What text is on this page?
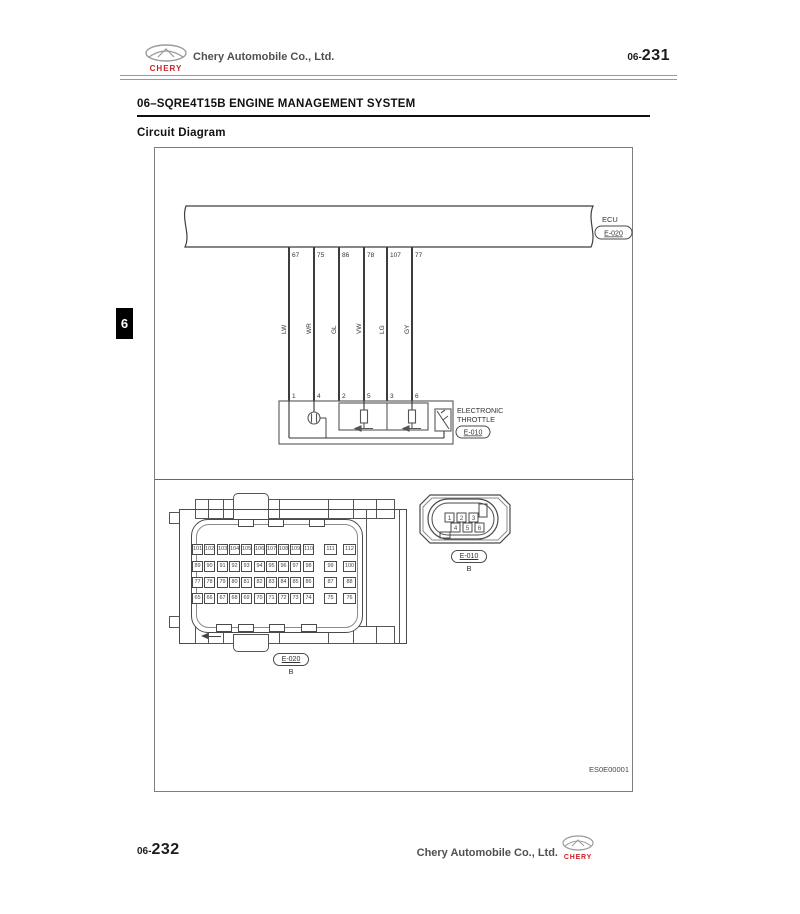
CHERY
Chery Automobile Co., Ltd.	06-231
06–SQRE4T15B ENGINE MANAGEMENT SYSTEM
Circuit Diagram
6
ECU
E-020
67
LW
1
75
WR
4
86
GL
2
78
VW
5
107
LG
3
77
GY
6
ELECTRONIC
THROTTLE
E-010
101 102 103 104 105 106 107 108 109 110	111	112
89	90	91	92	93	94	95	96	97	98	99	100
77	78	79	80	81	82	83	84	85	86	87	88
65	66	67	68	69	70	71	72	73	74	75	76
E-020
B
1 2 3
4 5 6
E-010
B
ES0E00001
06-232	Chery Automobile Co., Ltd. CHERY
